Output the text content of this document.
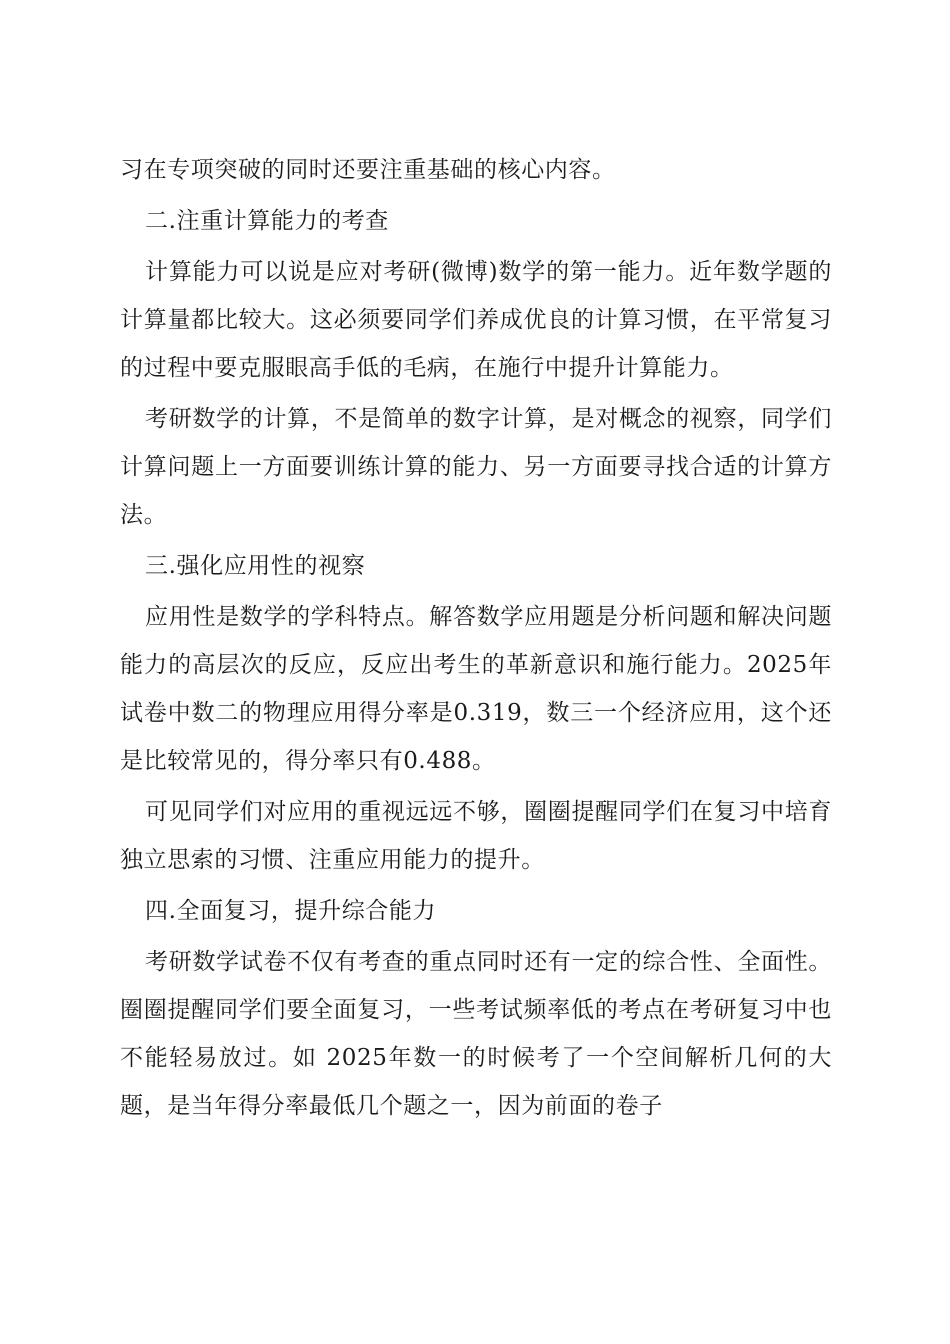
习在专项突破的同时还要注重基础的核心内容。

二.注重计算能力的考查

计算能力可以说是应对考研(微博)数学的第一能力。近年数学题的计算量都比较大。这必须要同学们养成优良的计算习惯，在平常复习的过程中要克服眼高手低的毛病，在施行中提升计算能力。

考研数学的计算，不是简单的数字计算，是对概念的视察，同学们计算问题上一方面要训练计算的能力、另一方面要寻找合适的计算方法。

三.强化应用性的视察

应用性是数学的学科特点。解答数学应用题是分析问题和解决问题能力的高层次的反应，反应出考生的革新意识和施行能力。2025年试卷中数二的物理应用得分率是0.319，数三一个经济应用，这个还是比较常见的，得分率只有0.488。

可见同学们对应用的重视远远不够，圈圈提醒同学们在复习中培育独立思索的习惯、注重应用能力的提升。

四.全面复习，提升综合能力

考研数学试卷不仅有考查的重点同时还有一定的综合性、全面性。圈圈提醒同学们要全面复习，一些考试频率低的考点在考研复习中也不能轻易放过。如 2025年数一的时候考了一个空间解析几何的大题，是当年得分率最低几个题之一，因为前面的卷子
